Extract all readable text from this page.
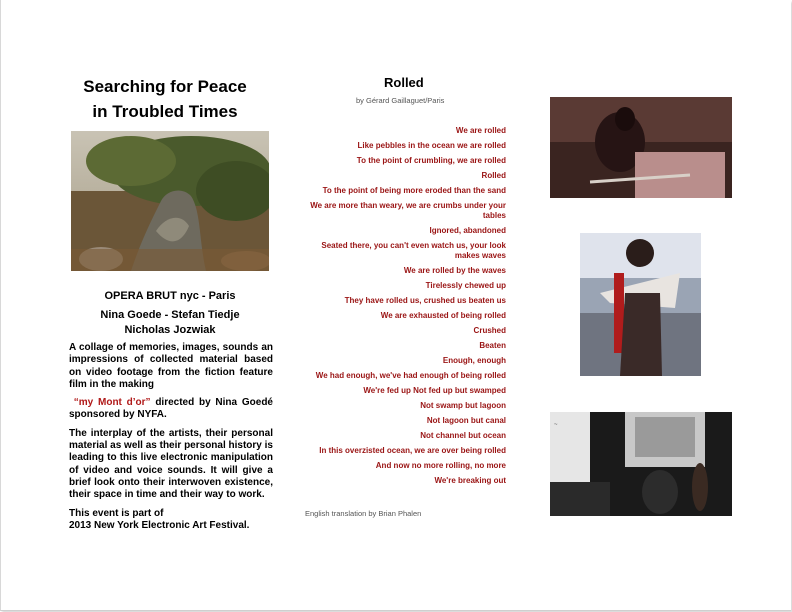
Searching for Peace
in Troubled Times
OPERA BRUT nyc - Paris
Nina Goede - Stefan Tiedje
Nicholas Jozwiak

A collage of memories, images, sounds an impressions of collected material based on video footage from the fiction feature film in the making

“my Mont d’or” directed by Nina Goedé sponsored by NYFA.

The interplay of the artists, their personal material as well as their personal history is leading to this live electronic manipulation of video and voice sounds. It will give a brief look onto their interwoven existence, their space in time and their way to work.

This event is part of
2013 New York Electronic Art Festival.

Rolled
by Gérard Gaillaguet/Paris
We are rolled
Like pebbles in the ocean we are rolled
To the point of crumbling, we are rolled
Rolled
To the point of being more eroded than the sand
We are more than weary, we are crumbs under your tables
Ignored, abandoned
Seated there, you can't even watch us, your look makes waves
We are rolled by the waves
Tirelessly chewed up
They have rolled us, crushed us beaten us
We are exhausted of being rolled
Crushed
Beaten
Enough, enough
We had enough, we've had enough of being rolled
We're fed up Not fed up but swamped
Not swamp but lagoon
Not lagoon but canal
Not channel but ocean
In this overzisted ocean, we are over being rolled
And now no more rolling, no more
We're breaking out
English translation by Brian Phalen
~
